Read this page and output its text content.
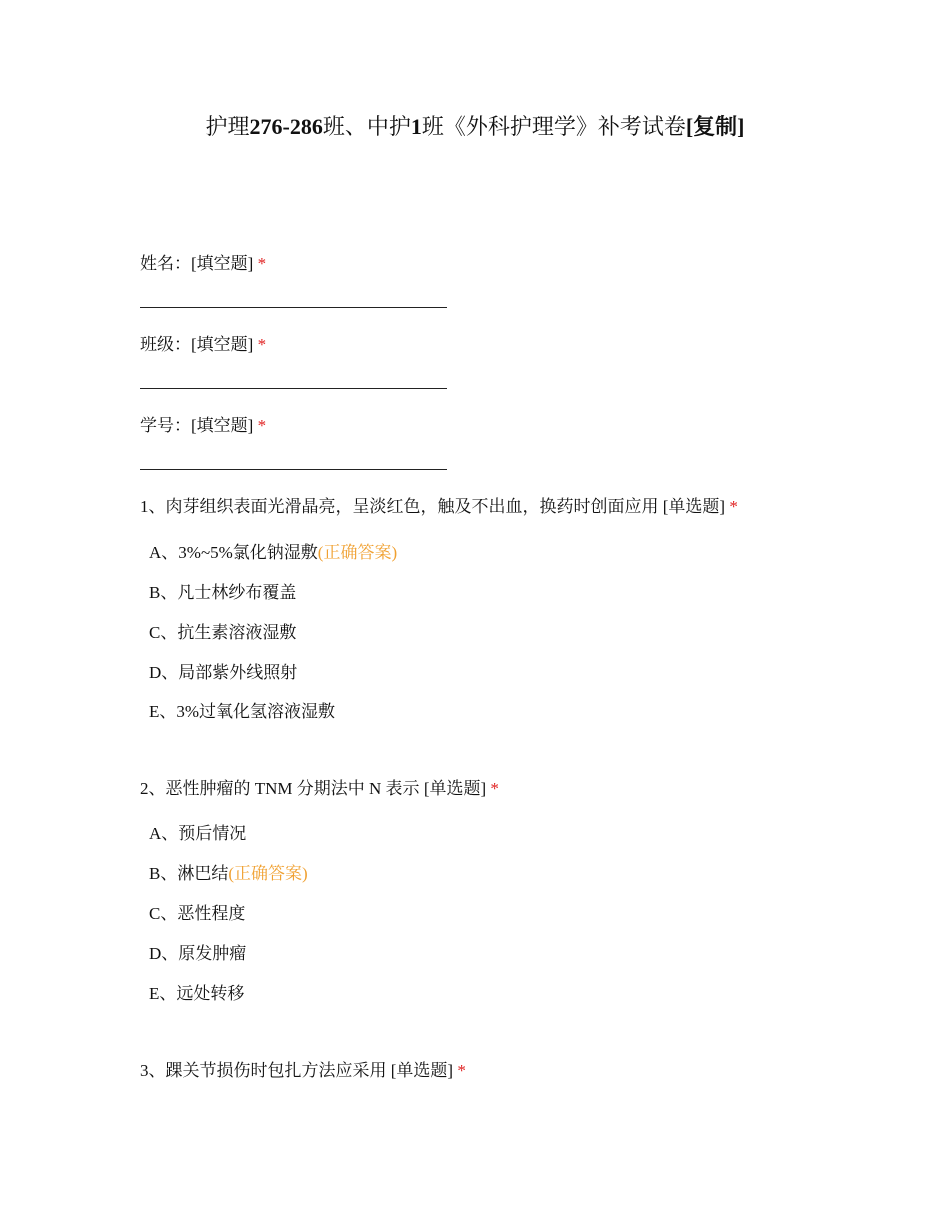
护理276-286班、中护1班《外科护理学》补考试卷[复制]
姓名：[填空题] *
班级：[填空题] *
学号：[填空题] *
1、肉芽组织表面光滑晶亮，呈淡红色，触及不出血，换药时创面应用 [单选题] *
A、3%~5%氯化钠湿敷(正确答案)
B、凡士林纱布覆盖
C、抗生素溶液湿敷
D、局部紫外线照射
E、3%过氧化氢溶液湿敷
2、恶性肿瘤的 TNM 分期法中 N 表示 [单选题] *
A、预后情况
B、淋巴结(正确答案)
C、恶性程度
D、原发肿瘤
E、远处转移
3、踝关节损伤时包扎方法应采用 [单选题] *
